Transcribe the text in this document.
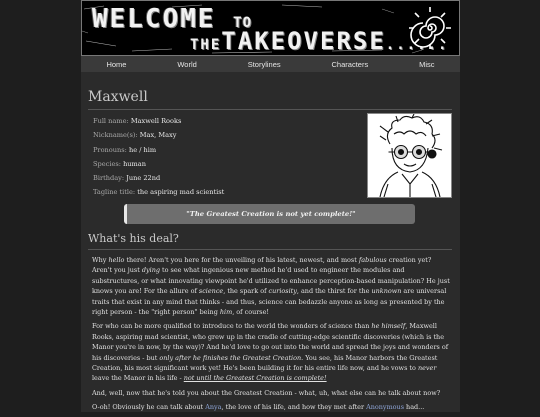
WELCOME TO
THETAKEOVERSE......
Home	World	Storylines	Characters	Misc
Maxwell
Full name: Maxwell Rooks
Nickname(s): Max, Maxy
Pronouns: he / him
Species: human
Birthday: June 22nd
Tagline title: the aspiring mad scientist
"The Greatest Creation is not yet complete!"
What's his deal?

Why hello there! Aren't you here for the unveiling of his latest, newest, and most fabulous creation yet? Aren't you just dying to see what ingenious new method he'd used to engineer the modules and substructures, or what innovating viewpoint he'd utilized to enhance perception-based manipulation? He just knows you are! For the allure of science, the spark of curiosity, and the thirst for the unknown are universal traits that exist in any mind that thinks - and thus, science can bedazzle anyone as long as presented by the right person - the "right person" being him, of course!

For who can be more qualified to introduce to the world the wonders of science than he himself, Maxwell Rooks, aspiring mad scientist, who grew up in the cradle of cutting-edge scientific discoveries (which is the Manor you're in now, by the way)? And he'd love to go out into the world and spread the joys and wonders of his discoveries - but only after he finishes the Greatest Creation. You see, his Manor harbors the Greatest Creation, his most significant work yet! He's been building it for his entire life now, and he vows to never leave the Manor in his life - not until the Greatest Creation is complete!

And, well, now that he's told you about the Greatest Creation - what, uh, what else can he talk about now?

O-oh! Obviously he can talk about Anya, the love of his life, and how they met after Anonymous had...
